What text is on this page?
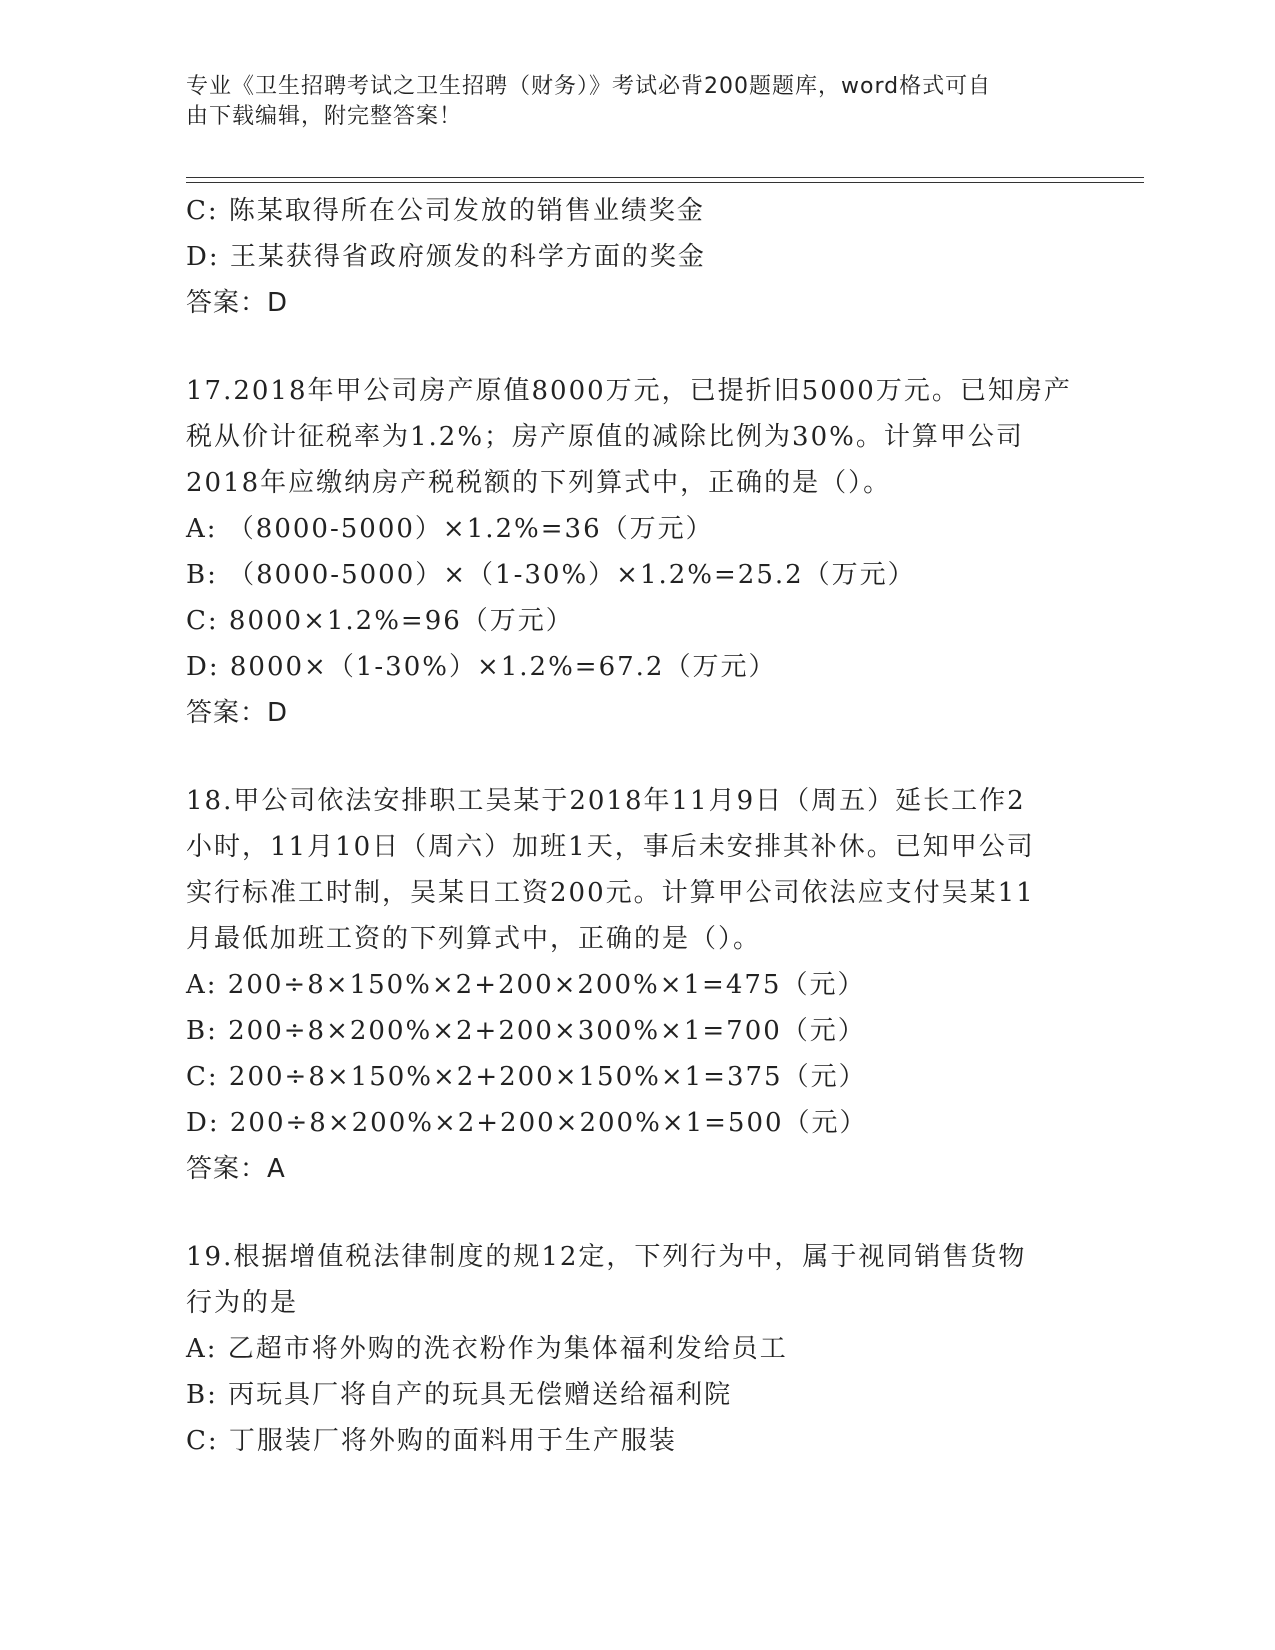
专业《卫生招聘考试之卫生招聘（财务）》考试必背200题题库，word格式可自
由下载编辑，附完整答案！
C: 陈某取得所在公司发放的销售业绩奖金
D: 王某获得省政府颁发的科学方面的奖金
答案：D
17.2018年甲公司房产原值8000万元，已提折旧5000万元。已知房产
税从价计征税率为1.2%；房产原值的减除比例为30%。计算甲公司
2018年应缴纳房产税税额的下列算式中，正确的是（）。
A: （8000-5000）×1.2%=36（万元）
B: （8000-5000）×（1-30%）×1.2%=25.2（万元）
C: 8000×1.2%=96（万元）
D: 8000×（1-30%）×1.2%=67.2（万元）
答案：D
18.甲公司依法安排职工吴某于2018年11月9日（周五）延长工作2
小时，11月10日（周六）加班1天，事后未安排其补休。已知甲公司
实行标准工时制，吴某日工资200元。计算甲公司依法应支付吴某11
月最低加班工资的下列算式中，正确的是（）。
A: 200÷8×150%×2+200×200%×1=475（元）
B: 200÷8×200%×2+200×300%×1=700（元）
C: 200÷8×150%×2+200×150%×1=375（元）
D: 200÷8×200%×2+200×200%×1=500（元）
答案：A
19.根据增值税法律制度的规12定，下列行为中，属于视同销售货物
行为的是
A: 乙超市将外购的洗衣粉作为集体福利发给员工
B: 丙玩具厂将自产的玩具无偿赠送给福利院
C: 丁服装厂将外购的面料用于生产服装
